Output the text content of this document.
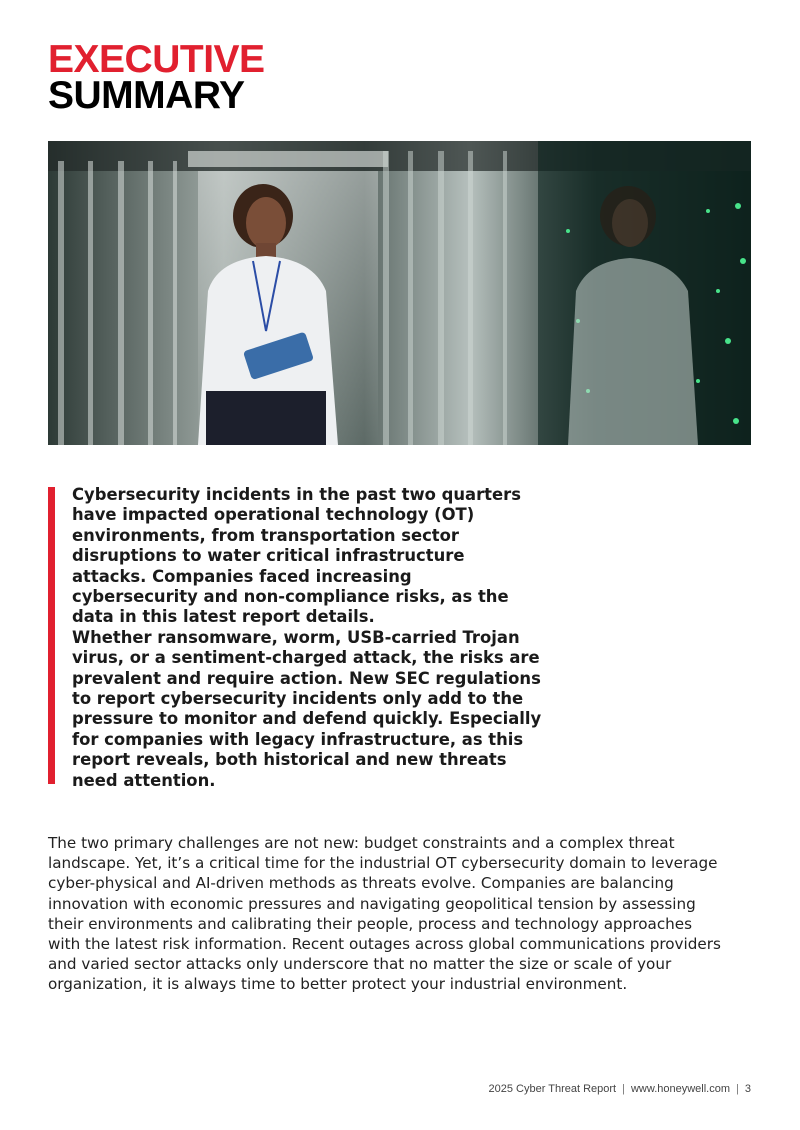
EXECUTIVE
SUMMARY

Cybersecurity incidents in the past two quarters have impacted operational technology (OT) environments, from transportation sector disruptions to water critical infrastructure attacks. Companies faced increasing cybersecurity and non-compliance risks, as the data in this latest report details.

Whether ransomware, worm, USB-carried Trojan virus, or a sentiment-charged attack, the risks are prevalent and require action. New SEC regulations to report cybersecurity incidents only add to the pressure to monitor and defend quickly. Especially for companies with legacy infrastructure, as this report reveals, both historical and new threats need attention.

The two primary challenges are not new: budget constraints and a complex threat landscape. Yet, it’s a critical time for the industrial OT cybersecurity domain to leverage cyber-physical and AI-driven methods as threats evolve. Companies are balancing innovation with economic pressures and navigating geopolitical tension by assessing their environments and calibrating their people, process and technology approaches with the latest risk information. Recent outages across global communications providers and varied sector attacks only underscore that no matter the size or scale of your organization, it is always time to better protect your industrial environment.

2025 Cyber Threat Report | www.honeywell.com | 3
